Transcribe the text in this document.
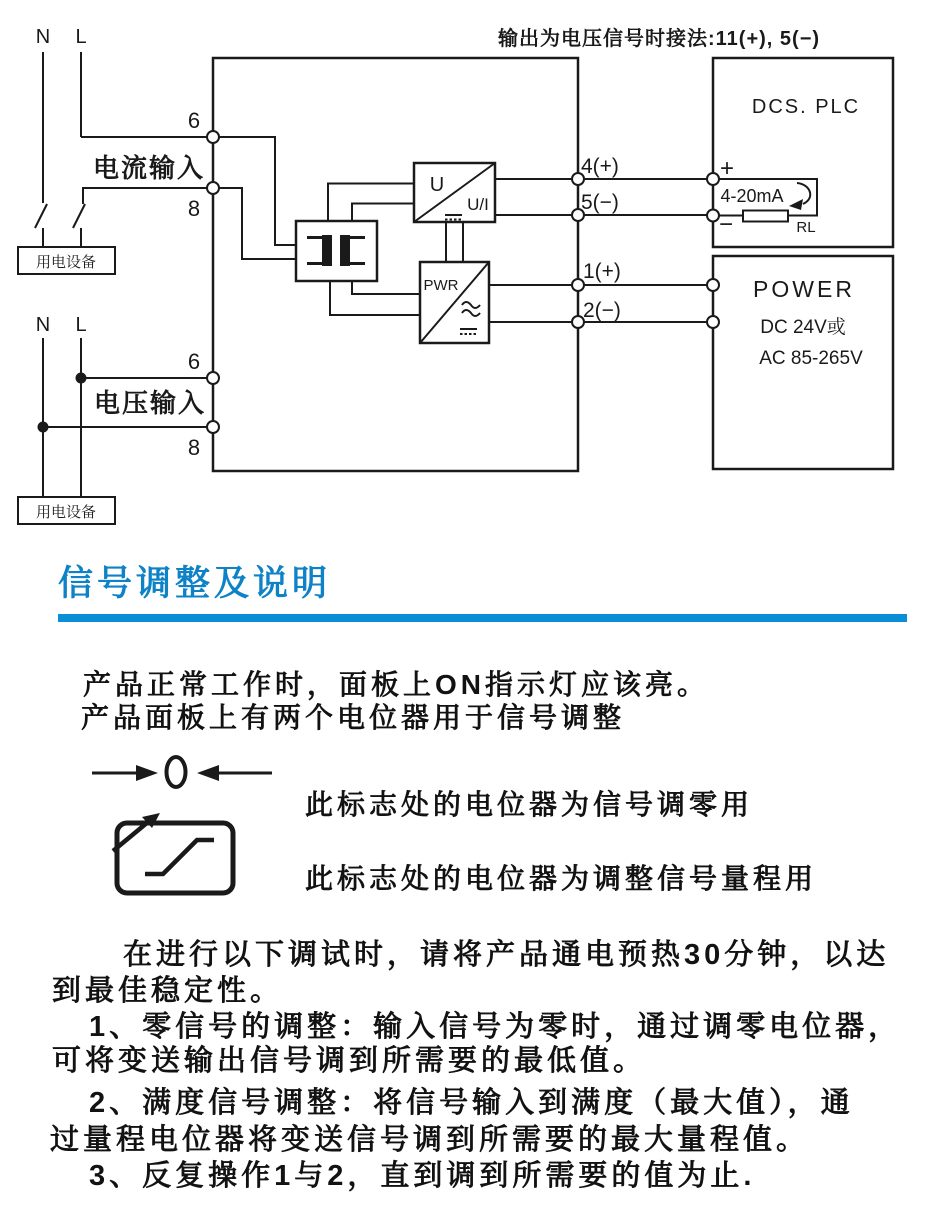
输出为电压信号时接法:11(+), 5(−)
N L
6
电流输入
8
用电设备
N L
6
电压输入
8
用电设备
U
U/I
PWR
4(+)
5(−)
1(+)
2(−)
DCS. PLC
+
−
4-20mA
RL
POWER
DC 24V或
AC 85-265V
信号调整及说明
产品正常工作时，面板上ON指示灯应该亮。
产品面板上有两个电位器用于信号调整
此标志处的电位器为信号调零用
此标志处的电位器为调整信号量程用
在进行以下调试时，请将产品通电预热30分钟，以达
到最佳稳定性。
1、零信号的调整：输入信号为零时，通过调零电位器，
可将变送输出信号调到所需要的最低值。
2、满度信号调整：将信号输入到满度（最大值），通
过量程电位器将变送信号调到所需要的最大量程值。
3、反复操作1与2，直到调到所需要的值为止.
